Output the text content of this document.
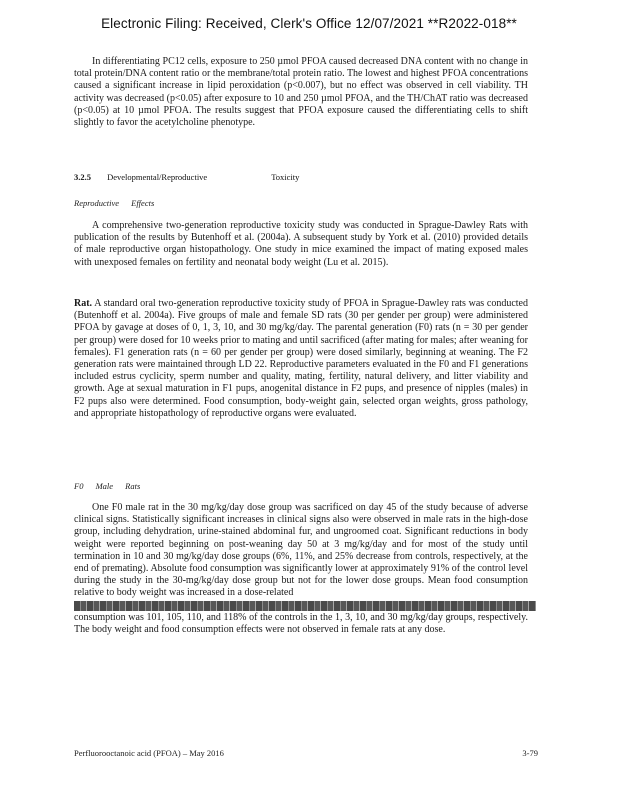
Electronic Filing: Received, Clerk's Office 12/07/2021 **R2022-018**

In differentiating PC12 cells, exposure to 250 µmol PFOA caused decreased DNA content with no change in total protein/DNA content ratio or the membrane/total protein ratio. The lowest and highest PFOA concentrations caused a significant increase in lipid peroxidation (p<0.007), but no effect was observed in cell viability. TH activity was decreased (p<0.05) after exposure to 10 and 250 µmol PFOA, and the TH/ChAT ratio was decreased (p<0.05) at 10 µmol PFOA. The results suggest that PFOA exposure caused the differentiating cells to shift slightly to favor the acetylcholine phenotype.

3.2.5 Developmental/Reproductive	Toxicity
Reproductive Effects

A comprehensive two-generation reproductive toxicity study was conducted in Sprague-Dawley Rats with publication of the results by Butenhoff et al. (2004a). A subsequent study by York et al. (2010) provided details of male reproductive organ histopathology. One study in mice examined the impact of mating exposed males with unexposed females on fertility and neonatal body weight (Lu et al. 2015).

Rat. A standard oral two-generation reproductive toxicity study of PFOA in Sprague-Dawley rats was conducted (Butenhoff et al. 2004a). Five groups of male and female SD rats (30 per gender per group) were administered PFOA by gavage at doses of 0, 1, 3, 10, and 30 mg/kg/day. The parental generation (F0) rats (n = 30 per gender per group) were dosed for 10 weeks prior to mating and until sacrificed (after mating for males; after weaning for females). F1 generation rats (n = 60 per gender per group) were dosed similarly, beginning at weaning. The F2 generation rats were maintained through LD 22. Reproductive parameters evaluated in the F0 and F1 generations included estrus cyclicity, sperm number and quality, mating, fertility, natural delivery, and litter viability and growth. Age at sexual maturation in F1 pups, anogenital distance in F2 pups, and presence of nipples (males) in F2 pups also were determined. Food consumption, body-weight gain, selected organ weights, gross pathology, and appropriate histopathology of reproductive organs were evaluated.

F0 Male Rats

One F0 male rat in the 30 mg/kg/day dose group was sacrificed on day 45 of the study because of adverse clinical signs. Statistically significant increases in clinical signs also were observed in male rats in the high-dose group, including dehydration, urine-stained abdominal fur, and ungroomed coat. Significant reductions in body weight were reported beginning on post-weaning day 50 at 3 mg/kg/day and for most of the study until termination in 10 and 30 mg/kg/day dose groups (6%, 11%, and 25% decrease from controls, respectively, at the end of premating). Absolute food consumption was significantly lower at approximately 91% of the control level during the study in the 30-mg/kg/day dose group but not for the lower dose groups. Mean food consumption relative to body weight was increased in a dose-related

consumption was 101, 105, 110, and 118% of the controls in the 1, 3, 10, and 30 mg/kg/day groups, respectively. The body weight and food consumption effects were not observed in female rats at any dose.

Perfluorooctanoic acid (PFOA) – May 2016	3-79
